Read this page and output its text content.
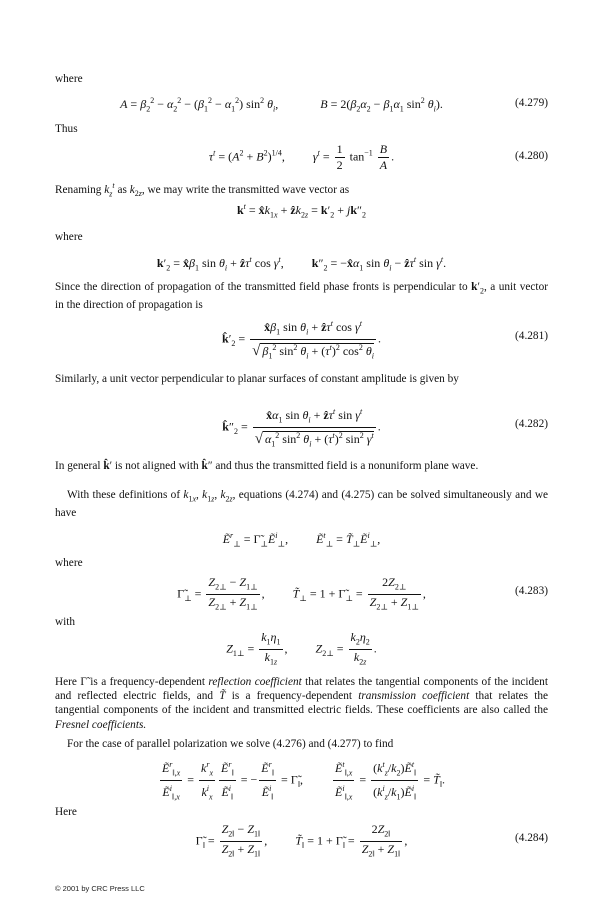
where
$A = \beta_2^2 - \alpha_2^2 - (\beta_1^2 - \alpha_1^2)$ $\sin^2 \theta_i$,	$B = 2(\beta_2\alpha_2 - \beta_1\alpha_1$ $\sin^2 \theta_i$).	(4.279)
Thus
$\tau^t = (A^2 + B^2)^{1/4}$, $\gamma^t = \frac{1}{2} \tan^{-1} \frac{B}{A}$ .	(4.280)
Renaming $k_z^t$ as $k_{2z}$, we may write the transmitted wave vector as
$k^t$ = $x̂k_{1x}$ + ẑk$_{2z}$ = $k'_2 + jk''_2$
where
$k'_2$ = $x̂\beta_1$ $\sin \theta_i$ + ẑτ$^t$ $\cos \gamma^t$, $k''_2$ = $-x̂\alpha_1$ $\sin \theta_i$ − ẑτ$^t$ $\sin \gamma^t$.
Since the direction of propagation of the transmitted field phase fronts is perpendicular to $k'_2$, a unit vector in the direction of propagation is
$k̂'_2 = \frac{x̂\beta_1 \sin \theta_i + ẑ\tau^t \cos \gamma^t}{√ \beta_1^2 \sin^2 \theta_i + (\tau^t)^2 \cos^2 \theta_i}$ .	(4.281)
Similarly, a unit vector perpendicular to planar surfaces of constant amplitude is given by
$k̂''_2 = \frac{x̂\alpha_1 \sin \theta_i + ẑ\tau^t \sin \gamma^t}{√ \alpha_1^2 \sin^2 \theta_i + (\tau^t)^2 \sin^2 \gamma^t}$ .	(4.282)
In general k̂′ is not aligned with k̂″ and thus the transmitted field is a nonuniform plane wave.
With these definitions of $k_{1x}$, $k_{1z}$, $k_{2z}$, equations (4.274) and (4.275) can be solved simultaneously and we have
Ẽ$^r_\perp$ = $\Gammã_\perp Ẽ^i_\perp$, Ẽ$^t_\perp$ = $T̃_\perp Ẽ^i_\perp$,
where
$\Gammã_\perp = \frac{Z_{2\perp} - Z_{1\perp}}{Z_{2\perp} + Z_{1\perp}}$ , $T̃_\perp = 1$ + $\Gammã_\perp = \frac{2Z_{2\perp}}{Z_{2\perp} + Z_{1\perp}}$ ,	(4.283)
with
$Z_{1\perp} = \frac{k_1\eta_1}{k_{1z}}$ , $Z_{2\perp} = \frac{k_2\eta_2}{k_{2z}}$ .
Here Γ̃ is a frequency-dependent reflection coefficient that relates the tangential components of the incident and reflected electric fields, and T̃ is a frequency-dependent transmission coefficient that relates the tangential components of the incident and transmitted electric fields. These coefficients are also called the Fresnel coefficients.
For the case of parallel polarization we solve (4.276) and (4.277) to find
$\frac{Ẽ^r_{‖,x}}{Ẽ^i_{‖,x}} = \frac{k^r_x}{k^i_x} \frac{Ẽ^r_‖}{Ẽ^i_‖}$ = − $\frac{Ẽ^r_‖}{Ẽ^i_‖}$ = $\Gammã_‖$,	$\frac{Ẽ^t_{‖,x}}{Ẽ^i_{‖,x}} = \frac{(k^t_z/k_2)Ẽ^t_‖}{(k^i_z/k_1)Ẽ^i_‖}$ = $T̃_‖$.
Here
$\Gammã_‖ = \frac{Z_{2‖} - Z_{1‖}}{Z_{2‖} + Z_{1‖}}$ , $T̃_‖ = 1$ + $\Gammã_‖ = \frac{2Z_{2‖}}{Z_{2‖} + Z_{1‖}}$ ,	(4.284)
© 2001 by CRC Press LLC
